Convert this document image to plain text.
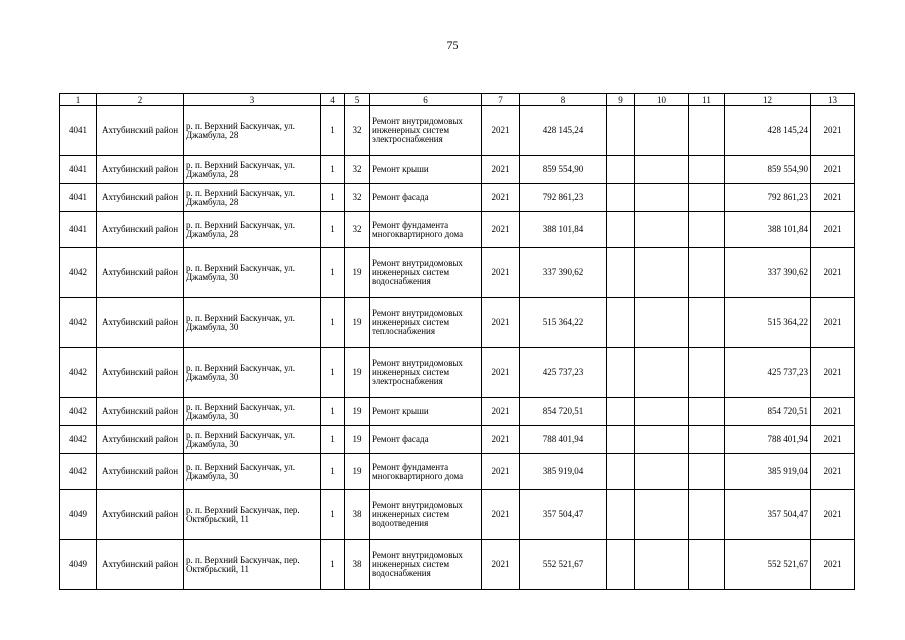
75
1	2	3	4	5	6	7	8	9	10	11	12	13
4041	Ахтубинский район	р. п. Верхний Баскунчак, ул. Джамбула, 28	1	32	Ремонт внутридомовых инженерных систем электроснабжения	2021	428 145,24				428 145,24	2021
4041	Ахтубинский район	р. п. Верхний Баскунчак, ул. Джамбула, 28	1	32	Ремонт крыши	2021	859 554,90				859 554,90	2021
4041	Ахтубинский район	р. п. Верхний Баскунчак, ул. Джамбула, 28	1	32	Ремонт фасада	2021	792 861,23				792 861,23	2021
4041	Ахтубинский район	р. п. Верхний Баскунчак, ул. Джамбула, 28	1	32	Ремонт фундамента многоквартирного дома	2021	388 101,84				388 101,84	2021
4042	Ахтубинский район	р. п. Верхний Баскунчак, ул. Джамбула, 30	1	19	Ремонт внутридомовых инженерных систем водоснабжения	2021	337 390,62				337 390,62	2021
4042	Ахтубинский район	р. п. Верхний Баскунчак, ул. Джамбула, 30	1	19	Ремонт внутридомовых инженерных систем теплоснабжения	2021	515 364,22				515 364,22	2021
4042	Ахтубинский район	р. п. Верхний Баскунчак, ул. Джамбула, 30	1	19	Ремонт внутридомовых инженерных систем электроснабжения	2021	425 737,23				425 737,23	2021
4042	Ахтубинский район	р. п. Верхний Баскунчак, ул. Джамбула, 30	1	19	Ремонт крыши	2021	854 720,51				854 720,51	2021
4042	Ахтубинский район	р. п. Верхний Баскунчак, ул. Джамбула, 30	1	19	Ремонт фасада	2021	788 401,94				788 401,94	2021
4042	Ахтубинский район	р. п. Верхний Баскунчак, ул. Джамбула, 30	1	19	Ремонт фундамента многоквартирного дома	2021	385 919,04				385 919,04	2021
4049	Ахтубинский район	р. п. Верхний Баскунчак, пер. Октябрьский, 11	1	38	Ремонт внутридомовых инженерных систем водоотведения	2021	357 504,47				357 504,47	2021
4049	Ахтубинский район	р. п. Верхний Баскунчак, пер. Октябрьский, 11	1	38	Ремонт внутридомовых инженерных систем водоснабжения	2021	552 521,67				552 521,67	2021
